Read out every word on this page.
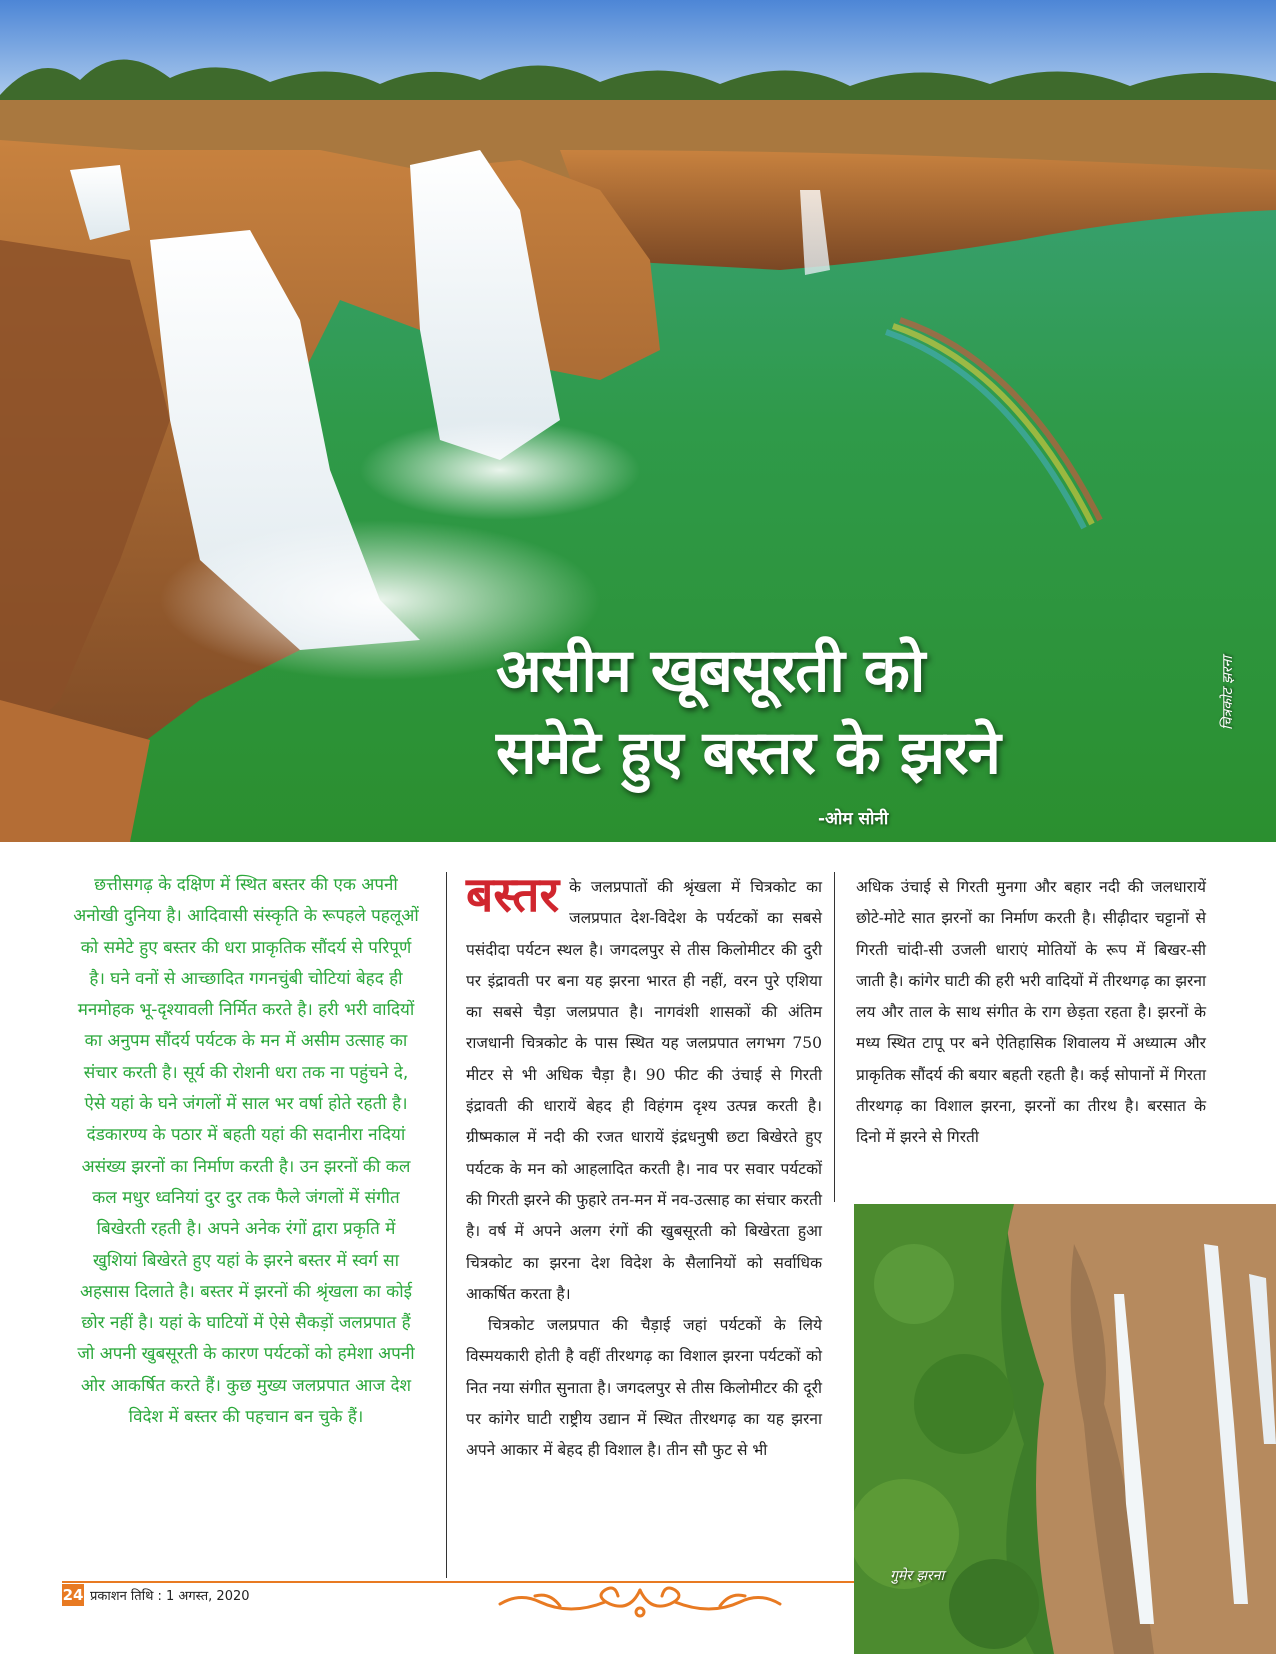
असीम खूबसूरती को
समेटे हुए बस्तर के झरने
-ओम सोनी
चित्रकोट झरना

छत्तीसगढ़ के दक्षिण में स्थित बस्तर की एक अपनी अनोखी दुनिया है। आदिवासी संस्कृति के रूपहले पहलूओं को समेटे हुए बस्तर की धरा प्राकृतिक सौंदर्य से परिपूर्ण है। घने वनों से आच्छादित गगनचुंबी चोटियां बेहद ही मनमोहक भू-दृश्यावली निर्मित करते है। हरी भरी वादियों का अनुपम सौंदर्य पर्यटक के मन में असीम उत्साह का संचार करती है। सूर्य की रोशनी धरा तक ना पहुंचने दे, ऐसे यहां के घने जंगलों में साल भर वर्षा होते रहती है। दंडकारण्य के पठार में बहती यहां की सदानीरा नदियां असंख्य झरनों का निर्माण करती है। उन झरनों की कल कल मधुर ध्वनियां दुर दुर तक फैले जंगलों में संगीत बिखेरती रहती है। अपने अनेक रंगों द्वारा प्रकृति में खुशियां बिखेरते हुए यहां के झरने बस्तर में स्वर्ग सा अहसास दिलाते है। बस्तर में झरनों की श्रृंखला का कोई छोर नहीं है। यहां के घाटियों में ऐसे सैकड़ों जलप्रपात हैं जो अपनी खुबसूरती के कारण पर्यटकों को हमेशा अपनी ओर आकर्षित करते हैं। कुछ मुख्य जलप्रपात आज देश विदेश में बस्तर की पहचान बन चुके हैं।

बस्तर के जलप्रपातों की श्रृंखला में चित्रकोट का जलप्रपात देश-विदेश के पर्यटकों का सबसे पसंदीदा पर्यटन स्थल है। जगदलपुर से तीस किलोमीटर की दुरी पर इंद्रावती पर बना यह झरना भारत ही नहीं, वरन पुरे एशिया का सबसे चैड़ा जलप्रपात है। नागवंशी शासकों की अंतिम राजधानी चित्रकोट के पास स्थित यह जलप्रपात लगभग 750 मीटर से भी अधिक चैड़ा है। 90 फीट की उंचाई से गिरती इंद्रावती की धारायें बेहद ही विहंगम दृश्य उत्पन्न करती है। ग्रीष्मकाल में नदी की रजत धारायें इंद्रधनुषी छटा बिखेरते हुए पर्यटक के मन को आहलादित करती है। नाव पर सवार पर्यटकों की गिरती झरने की फुहारे तन-मन में नव-उत्साह का संचार करती है। वर्ष में अपने अलग रंगों की खुबसूरती को बिखेरता हुआ चित्रकोट का झरना देश विदेश के सैलानियों को सर्वाधिक आकर्षित करता है।

चित्रकोट जलप्रपात की चैड़ाई जहां पर्यटकों के लिये विस्मयकारी होती है वहीं तीरथगढ़ का विशाल झरना पर्यटकों को नित नया संगीत सुनाता है। जगदलपुर से तीस किलोमीटर की दूरी पर कांगेर घाटी राष्ट्रीय उद्यान में स्थित तीरथगढ़ का यह झरना अपने आकार में बेहद ही विशाल है। तीन सौ फुट से भी

अधिक उंचाई से गिरती मुनगा और बहार नदी की जलधारायें छोटे-मोटे सात झरनों का निर्माण करती है। सीढ़ीदार चट्टानों से गिरती चांदी-सी उजली धाराएं मोतियों के रूप में बिखर-सी जाती है। कांगेर घाटी की हरी भरी वादियों में तीरथगढ़ का झरना लय और ताल के साथ संगीत के राग छेड़ता रहता है। झरनों के मध्य स्थित टापू पर बने ऐतिहासिक शिवालय में अध्यात्म और प्राकृतिक सौंदर्य की बयार बहती रहती है। कई सोपानों में गिरता तीरथगढ़ का विशाल झरना, झरनों का तीरथ है। बरसात के दिनो में झरने से गिरती

गुमेर झरना
24 प्रकाशन तिथि : 1 अगस्त, 2020
